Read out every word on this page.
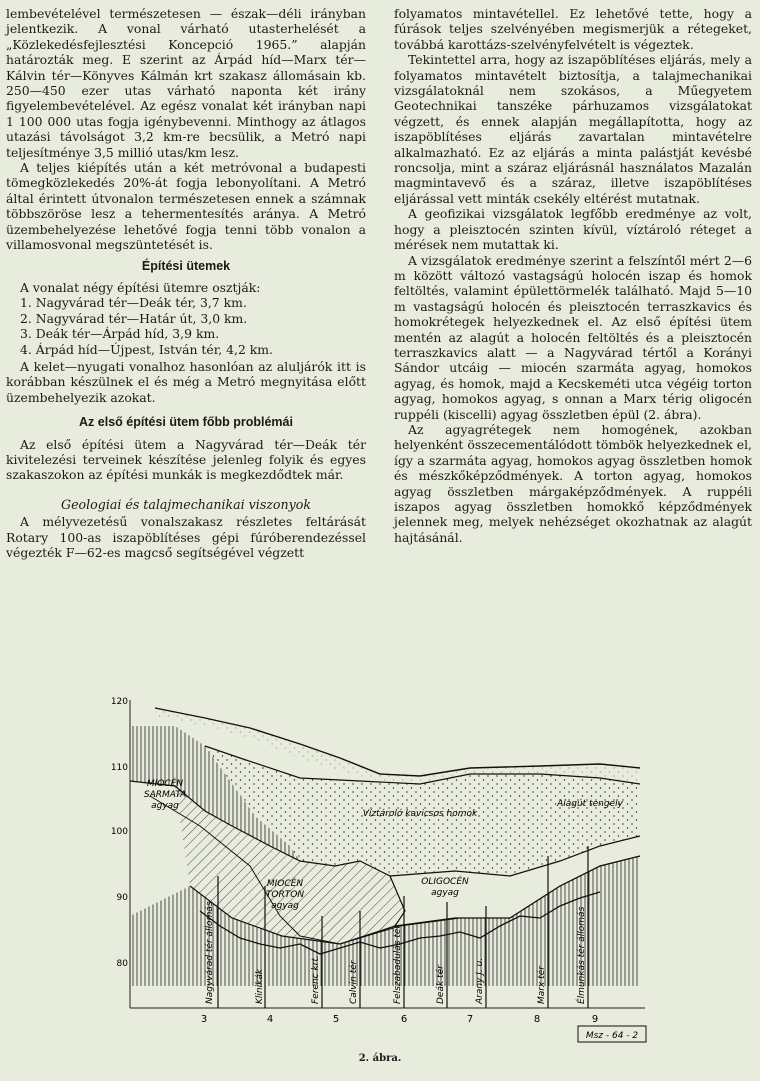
lembevételével természetesen — észak—déli irányban jelentkezik. A vonal várható utasterhelését a „Közlekedésfejlesztési Koncepció 1965.” alapján határozták meg. E szerint az Árpád híd—Marx tér—Kálvin tér—Könyves Kálmán krt szakasz állomásain kb. 250—450 ezer utas várható naponta két irány figyelembevételével. Az egész vonalat két irányban napi 1 100 000 utas fogja igénybevenni. Minthogy az átlagos utazási távolságot 3,2 km-re becsülik, a Metró napi teljesítménye 3,5 millió utas/km lesz.

A teljes kiépítés után a két metróvonal a budapesti tömegközlekedés 20%-át fogja lebonyolítani. A Metró által érintett útvonalon természetesen ennek a számnak többszöröse lesz a tehermentesítés aránya. A Metró üzembehelyezése lehetővé fogja tenni több vonalon a villamosvonal megszüntetését is.

Építési ütemek

A vonalat négy építési ütemre osztják:

1. Nagyvárad tér—Deák tér, 3,7 km.
2. Nagyvárad tér—Határ út, 3,0 km.
3. Deák tér—Árpád híd, 3,9 km.
4. Árpád híd—Újpest, István tér, 4,2 km.

A kelet—nyugati vonalhoz hasonlóan az aluljárók itt is korábban készülnek el és még a Metró megnyitása előtt üzembehelyezik azokat.

Az első építési ütem főbb problémái

Az első építési ütem a Nagyvárad tér—Deák tér kivitelezési terveinek készítése jelenleg folyik és egyes szakaszokon az építési munkák is megkezdődtek már.

Geologiai és talajmechanikai viszonyok

A mélyvezetésű vonalszakasz részletes feltárását Rotary 100-as iszapöblítéses gépi fúróberendezéssel végezték F—62-es magcső segítségével végzett

folyamatos mintavétellel. Ez lehetővé tette, hogy a fúrások teljes szelvényében megismerjük a rétegeket, továbbá karottázs-szelvényfelvételt is végeztek.

Tekintettel arra, hogy az iszapöblítéses eljárás, mely a folyamatos mintavételt biztosítja, a talajmechanikai vizsgálatoknál nem szokásos, a Műegyetem Geotechnikai tanszéke párhuzamos vizsgálatokat végzett, és ennek alapján megállapította, hogy az iszapöblítéses eljárás zavartalan mintavételre alkalmazható. Ez az eljárás a minta palástját kevésbé roncsolja, mint a száraz eljárásnál használatos Mazalán magmintavevő és a száraz, illetve iszapöblítéses eljárással vett minták csekély eltérést mutatnak.

A geofizikai vizsgálatok legfőbb eredménye az volt, hogy a pleisztocén szinten kívül, víztároló réteget a mérések nem mutattak ki.

A vizsgálatok eredménye szerint a felszíntől mért 2—6 m között változó vastagságú holocén iszap és homok feltöltés, valamint épülettörmelék található. Majd 5—10 m vastagságú holocén és pleisztocén terraszkavics és homokrétegek helyezkednek el. Az első építési ütem mentén az alagút a holocén feltöltés és a pleisztocén terraszkavics alatt — a Nagyvárad tértől a Korányi Sándor utcáig — miocén szarmáta agyag, homokos agyag, és homok, majd a Kecskeméti utca végéig torton agyag, homokos agyag, s onnan a Marx térig oligocén ruppéli (kiscelli) agyag összletben épül (2. ábra).

Az agyagrétegek nem homogének, azokban helyenként összecementálódott tömbök helyezkednek el, így a szarmáta agyag, homokos agyag összletben homok és mészkőképződmények. A torton agyag, homokos agyag összletben márgaképződmények. A ruppéli iszapos agyag összletben homokkő képződmények jelennek meg, melyek nehézséget okozhatnak az alagút hajtásánál.

120
110
100
90
80
MIOCÉN
SARMATA
agyag
MIOCÉN
TORTON
agyag
OLIGOCÉN
agyag
Víztároló kavicsos homok
Alagút tengely
Nagyvárad tér állomás	Klinikák	Ferenc krt.	Calvin tér	Felszabadulás tér	Deák tér	Arany J. u.	Marx tér	Élmunkás tér állomás
3	4	5	6	7	8	9
Msz - 64 - 2
2. ábra.
